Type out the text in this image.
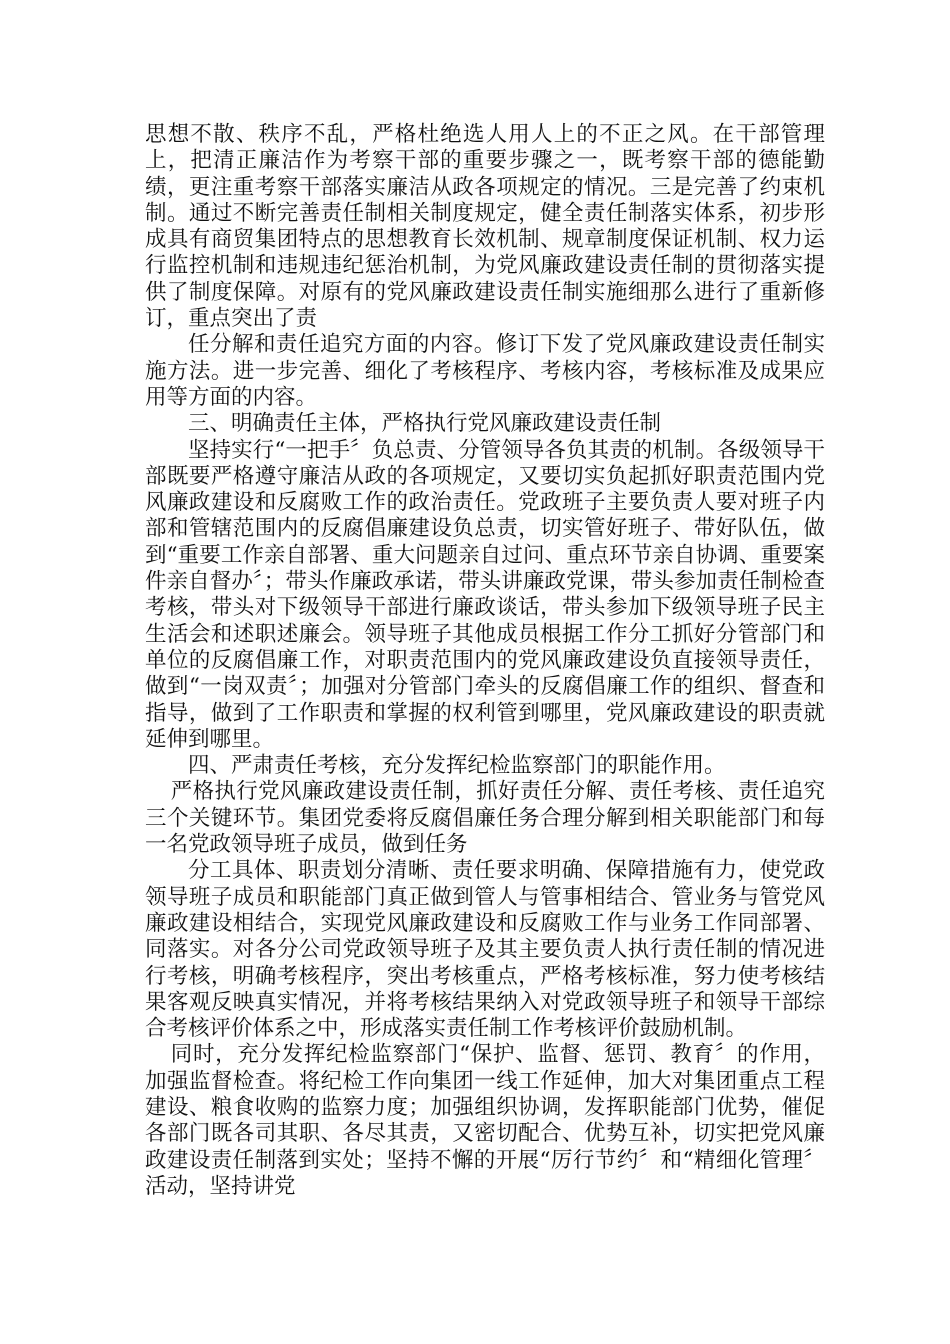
思想不散、秩序不乱，严格杜绝选人用人上的不正之风。在干部管理上，把清正廉洁作为考察干部的重要步骤之一，既考察干部的德能勤绩，更注重考察干部落实廉洁从政各项规定的情况。三是完善了约束机制。通过不断完善责任制相关制度规定，健全责任制落实体系，初步形成具有商贸集团特点的思想教育长效机制、规章制度保证机制、权力运行监控机制和违规违纪惩治机制，为党风廉政建设责任制的贯彻落实提供了制度保障。对原有的党风廉政建设责任制实施细那么进行了重新修订，重点突出了责

任分解和责任追究方面的内容。修订下发了党风廉政建设责任制实施方法。进一步完善、细化了考核程序、考核内容，考核标准及成果应用等方面的内容。

三、明确责任主体，严格执行党风廉政建设责任制

坚持实行“一把手〞负总责、分管领导各负其责的机制。各级领导干部既要严格遵守廉洁从政的各项规定，又要切实负起抓好职责范围内党风廉政建设和反腐败工作的政治责任。党政班子主要负责人要对班子内部和管辖范围内的反腐倡廉建设负总责，切实管好班子、带好队伍，做到“重要工作亲自部署、重大问题亲自过问、重点环节亲自协调、重要案件亲自督办〞；带头作廉政承诺，带头讲廉政党课，带头参加责任制检查考核，带头对下级领导干部进行廉政谈话，带头参加下级领导班子民主生活会和述职述廉会。领导班子其他成员根据工作分工抓好分管部门和单位的反腐倡廉工作，对职责范围内的党风廉政建设负直接领导责任，做到“一岗双责〞；加强对分管部门牵头的反腐倡廉工作的组织、督查和指导，做到了工作职责和掌握的权利管到哪里，党风廉政建设的职责就延伸到哪里。

四、严肃责任考核，充分发挥纪检监察部门的职能作用。

严格执行党风廉政建设责任制，抓好责任分解、责任考核、责任追究三个关键环节。集团党委将反腐倡廉任务合理分解到相关职能部门和每一名党政领导班子成员，做到任务

分工具体、职责划分清晰、责任要求明确、保障措施有力，使党政领导班子成员和职能部门真正做到管人与管事相结合、管业务与管党风廉政建设相结合，实现党风廉政建设和反腐败工作与业务工作同部署、同落实。对各分公司党政领导班子及其主要负责人执行责任制的情况进行考核，明确考核程序，突出考核重点，严格考核标准，努力使考核结果客观反映真实情况，并将考核结果纳入对党政领导班子和领导干部综合考核评价体系之中，形成落实责任制工作考核评价鼓励机制。

同时，充分发挥纪检监察部门“保护、监督、惩罚、教育〞的作用，加强监督检查。将纪检工作向集团一线工作延伸，加大对集团重点工程建设、粮食收购的监察力度；加强组织协调，发挥职能部门优势，催促各部门既各司其职、各尽其责，又密切配合、优势互补，切实把党风廉政建设责任制落到实处；坚持不懈的开展“厉行节约〞和“精细化管理〞活动，坚持讲党
